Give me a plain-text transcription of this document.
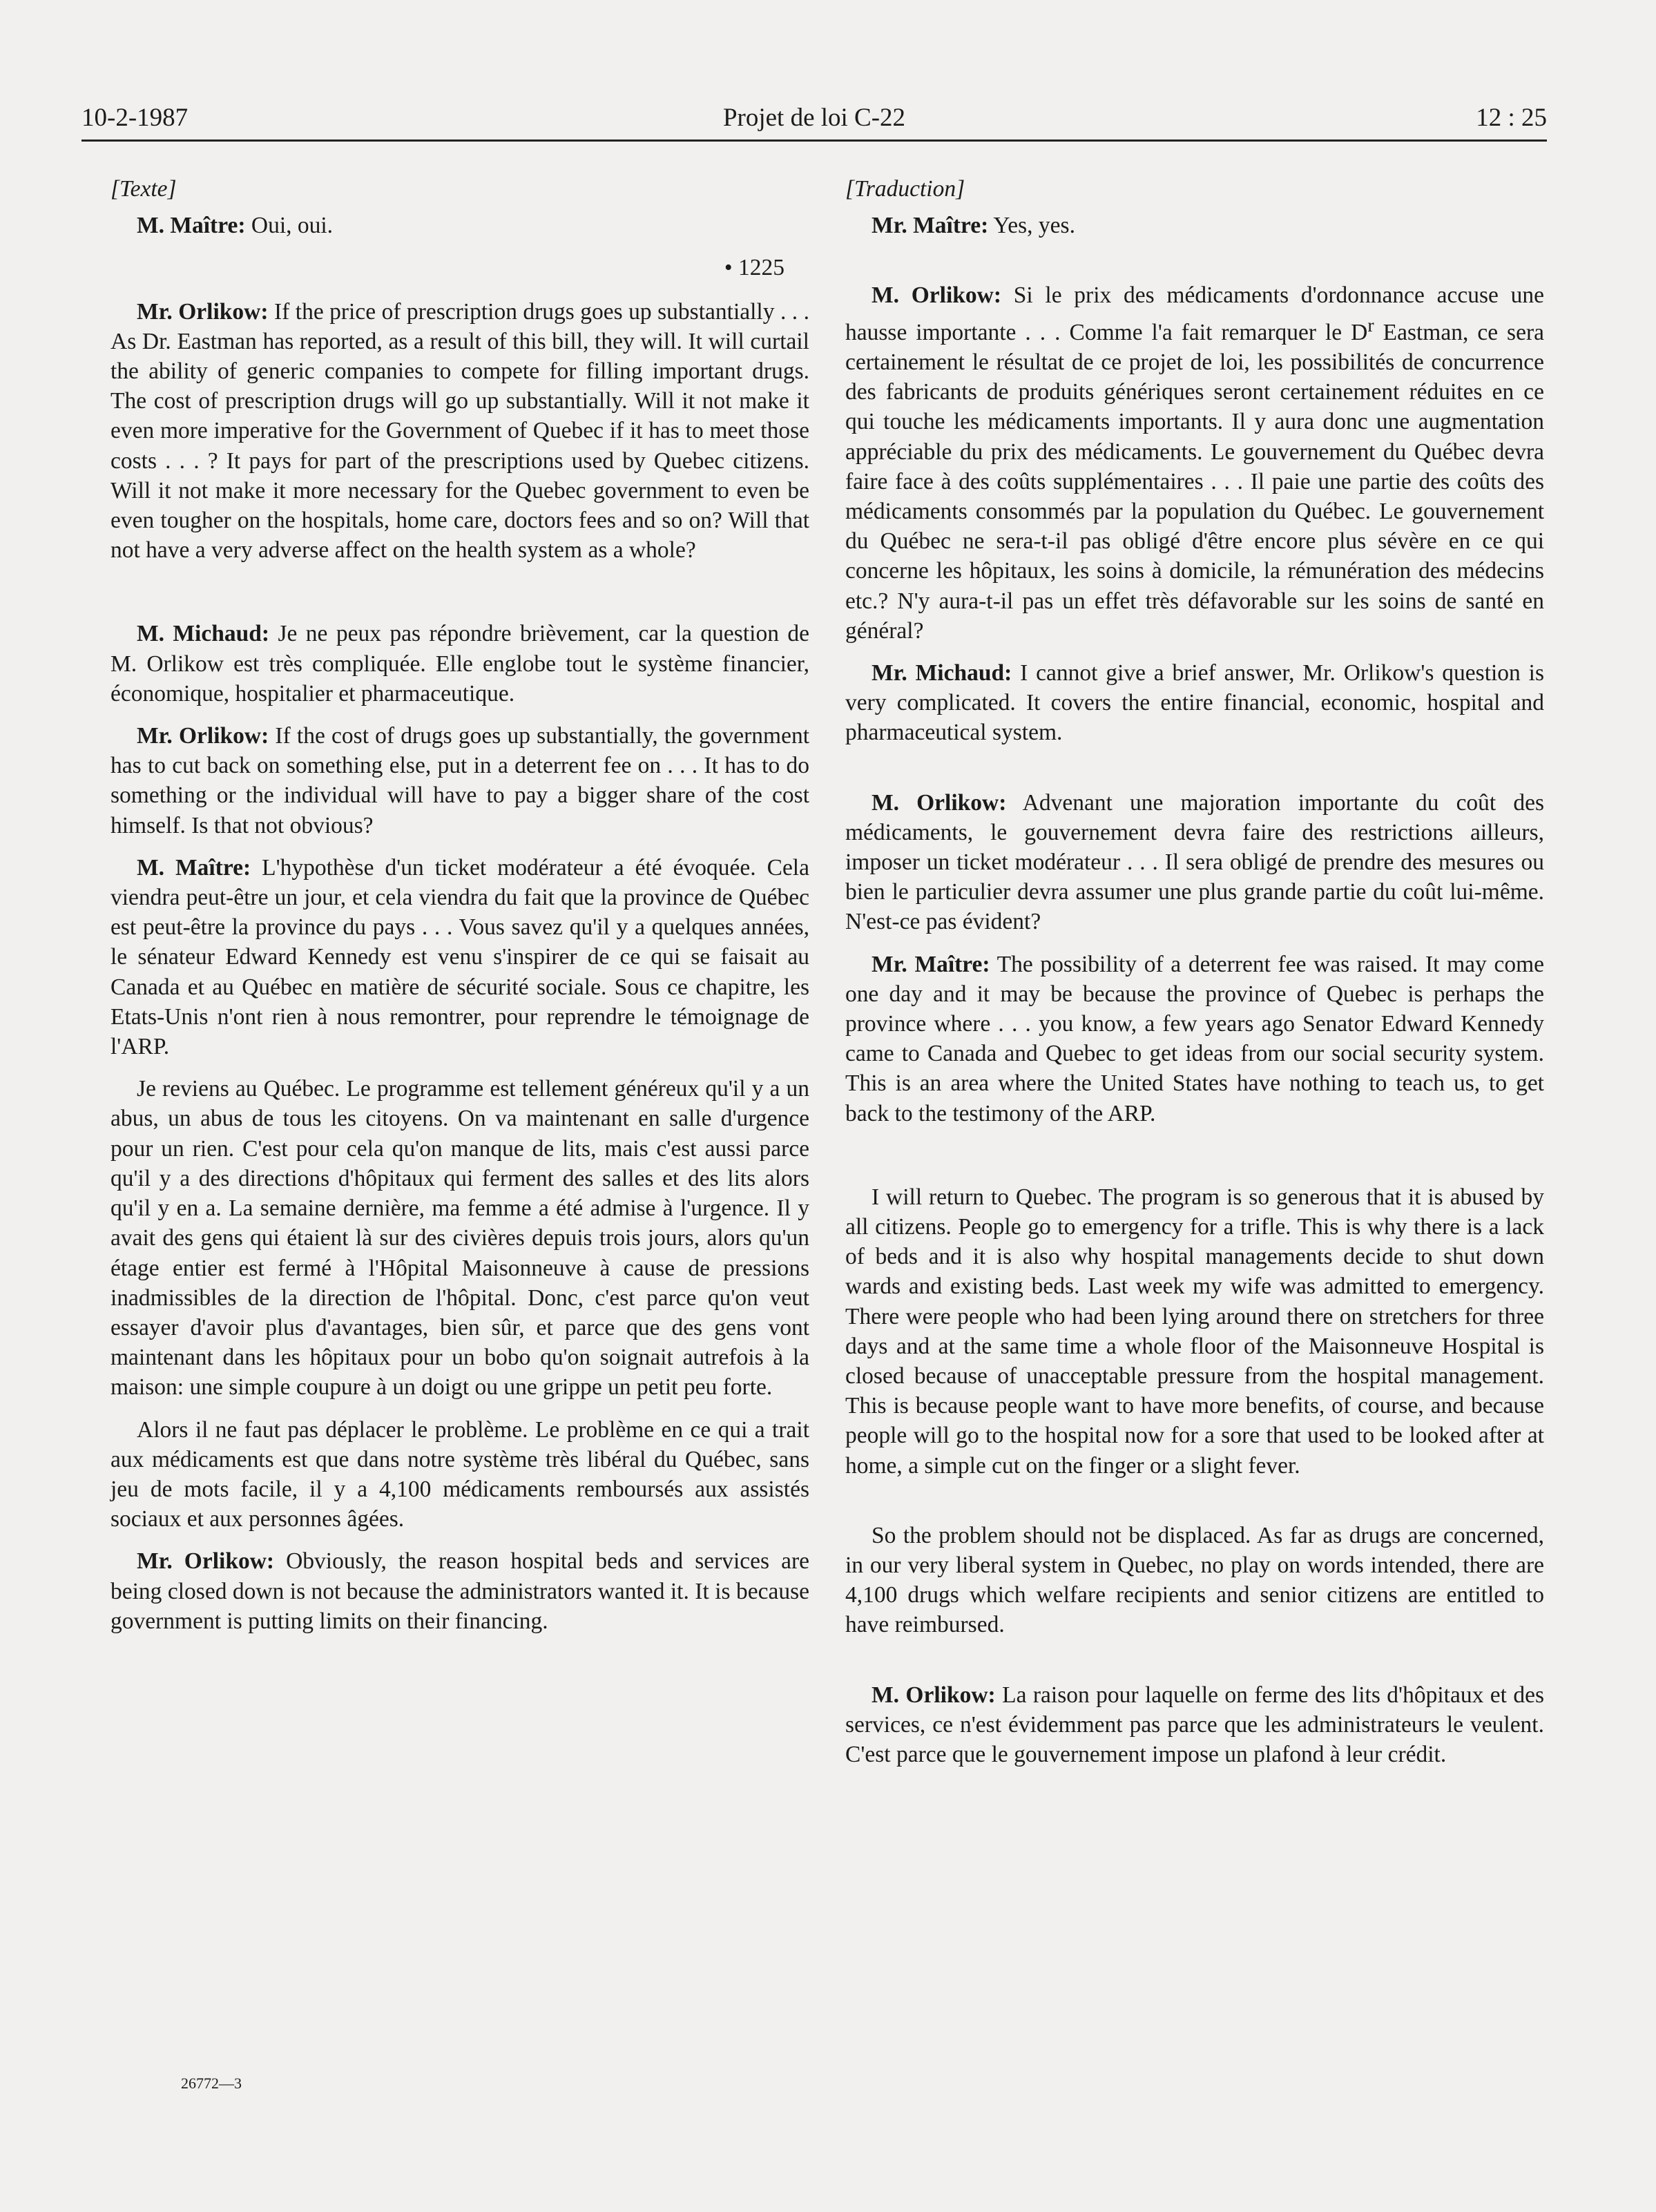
10-2-1987	Projet de loi C-22	12 : 25
[Texte]
M. Maître: Oui, oui.
• 1225
Mr. Orlikow: If the price of prescription drugs goes up substantially . . . As Dr. Eastman has reported, as a result of this bill, they will. It will curtail the ability of generic companies to compete for filling important drugs. The cost of prescription drugs will go up substantially. Will it not make it even more imperative for the Government of Quebec if it has to meet those costs . . . ? It pays for part of the prescriptions used by Quebec citizens. Will it not make it more necessary for the Quebec government to even be even tougher on the hospitals, home care, doctors fees and so on? Will that not have a very adverse affect on the health system as a whole?
M. Michaud: Je ne peux pas répondre brièvement, car la question de M. Orlikow est très compliquée. Elle englobe tout le système financier, économique, hospitalier et pharmaceutique.
Mr. Orlikow: If the cost of drugs goes up substantially, the government has to cut back on something else, put in a deterrent fee on . . . It has to do something or the individual will have to pay a bigger share of the cost himself. Is that not obvious?
M. Maître: L'hypothèse d'un ticket modérateur a été évoquée. Cela viendra peut-être un jour, et cela viendra du fait que la province de Québec est peut-être la province du pays . . . Vous savez qu'il y a quelques années, le sénateur Edward Kennedy est venu s'inspirer de ce qui se faisait au Canada et au Québec en matière de sécurité sociale. Sous ce chapitre, les Etats-Unis n'ont rien à nous remontrer, pour reprendre le témoignage de l'ARP.
Je reviens au Québec. Le programme est tellement généreux qu'il y a un abus, un abus de tous les citoyens. On va maintenant en salle d'urgence pour un rien. C'est pour cela qu'on manque de lits, mais c'est aussi parce qu'il y a des directions d'hôpitaux qui ferment des salles et des lits alors qu'il y en a. La semaine dernière, ma femme a été admise à l'urgence. Il y avait des gens qui étaient là sur des civières depuis trois jours, alors qu'un étage entier est fermé à l'Hôpital Maisonneuve à cause de pressions inadmissibles de la direction de l'hôpital. Donc, c'est parce qu'on veut essayer d'avoir plus d'avantages, bien sûr, et parce que des gens vont maintenant dans les hôpitaux pour un bobo qu'on soignait autrefois à la maison: une simple coupure à un doigt ou une grippe un petit peu forte.
Alors il ne faut pas déplacer le problème. Le problème en ce qui a trait aux médicaments est que dans notre système très libéral du Québec, sans jeu de mots facile, il y a 4,100 médicaments remboursés aux assistés sociaux et aux personnes âgées.
Mr. Orlikow: Obviously, the reason hospital beds and services are being closed down is not because the administrators wanted it. It is because government is putting limits on their financing.
[Traduction]
Mr. Maître: Yes, yes.
M. Orlikow: Si le prix des médicaments d'ordonnance accuse une hausse importante . . . Comme l'a fait remarquer le $D^r$ Eastman, ce sera certainement le résultat de ce projet de loi, les possibilités de concurrence des fabricants de produits génériques seront certainement réduites en ce qui touche les médicaments importants. Il y aura donc une augmentation appréciable du prix des médicaments. Le gouvernement du Québec devra faire face à des coûts supplémentaires . . . Il paie une partie des coûts des médicaments consommés par la population du Québec. Le gouvernement du Québec ne sera-t-il pas obligé d'être encore plus sévère en ce qui concerne les hôpitaux, les soins à domicile, la rémunération des médecins etc.? N'y aura-t-il pas un effet très défavorable sur les soins de santé en général?
Mr. Michaud: I cannot give a brief answer, Mr. Orlikow's question is very complicated. It covers the entire financial, economic, hospital and pharmaceutical system.
M. Orlikow: Advenant une majoration importante du coût des médicaments, le gouvernement devra faire des restrictions ailleurs, imposer un ticket modérateur . . . Il sera obligé de prendre des mesures ou bien le particulier devra assumer une plus grande partie du coût lui-même. N'est-ce pas évident?
Mr. Maître: The possibility of a deterrent fee was raised. It may come one day and it may be because the province of Quebec is perhaps the province where . . . you know, a few years ago Senator Edward Kennedy came to Canada and Quebec to get ideas from our social security system. This is an area where the United States have nothing to teach us, to get back to the testimony of the ARP.
I will return to Quebec. The program is so generous that it is abused by all citizens. People go to emergency for a trifle. This is why there is a lack of beds and it is also why hospital managements decide to shut down wards and existing beds. Last week my wife was admitted to emergency. There were people who had been lying around there on stretchers for three days and at the same time a whole floor of the Maisonneuve Hospital is closed because of unacceptable pressure from the hospital management. This is because people want to have more benefits, of course, and because people will go to the hospital now for a sore that used to be looked after at home, a simple cut on the finger or a slight fever.
So the problem should not be displaced. As far as drugs are concerned, in our very liberal system in Quebec, no play on words intended, there are 4,100 drugs which welfare recipients and senior citizens are entitled to have reimbursed.
M. Orlikow: La raison pour laquelle on ferme des lits d'hôpitaux et des services, ce n'est évidemment pas parce que les administrateurs le veulent. C'est parce que le gouvernement impose un plafond à leur crédit.
26772—3
